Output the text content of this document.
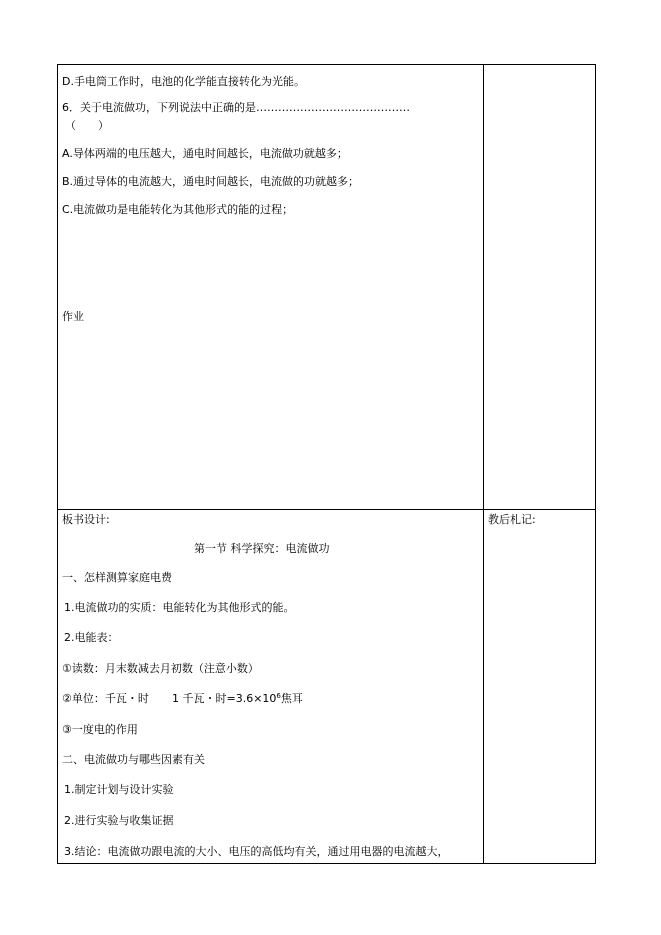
D.手电筒工作时，电池的化学能直接转化为光能。
6．关于电流做功，下列说法中正确的是……………………………………
（　　）
A.导体两端的电压越大，通电时间越长，电流做功就越多；
B.通过导体的电流越大，通电时间越长，电流做的功就越多；
C.电流做功是电能转化为其他形式的能的过程；
作业
板书设计:	教后札记:
第一节 科学探究：电流做功
一、怎样测算家庭电费
1.电流做功的实质：电能转化为其他形式的能。
2.电能表：
①读数：月末数减去月初数（注意小数）
②单位：千瓦・时 1 千瓦・时$=3.6\times 10^6$焦耳
③一度电的作用
二、电流做功与哪些因素有关
1.制定计划与设计实验
2.进行实验与收集证据
3.结论：电流做功跟电流的大小、电压的高低均有关，通过用电器的电流越大，
